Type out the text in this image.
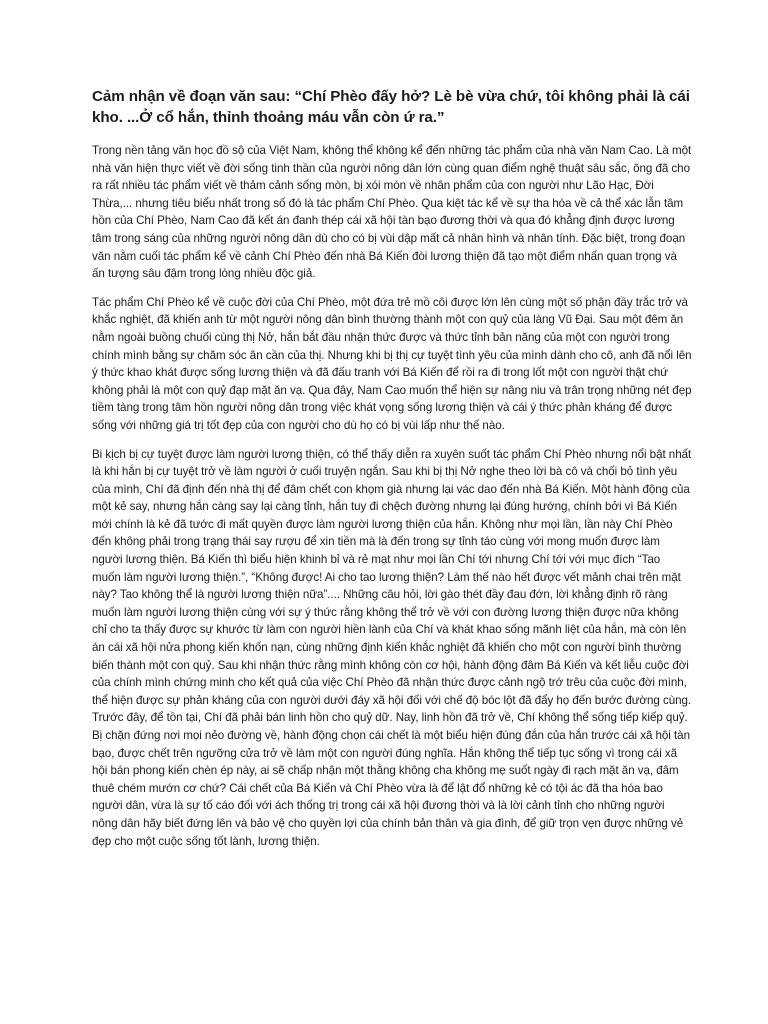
Cảm nhận về đoạn văn sau: “Chí Phèo đấy hở? Lè bè vừa chứ, tôi không phải là cái kho. ...Ở cổ hắn, thỉnh thoảng máu vẫn còn ứ ra.”

Trong nền tảng văn học đồ sộ của Việt Nam, không thể không kể đến những tác phẩm của nhà văn Nam Cao. Là một nhà văn hiện thực viết về đời sống tinh thần của người nông dân lớn cùng quan điểm nghệ thuật sâu sắc, ông đã cho ra rất nhiều tác phẩm viết về thảm cảnh sống mòn, bị xói mòn về nhân phẩm của con người như Lão Hạc, Đời Thừa,... nhưng tiêu biểu nhất trong số đó là tác phẩm Chí Phèo. Qua kiệt tác kể về sự tha hóa về cả thể xác lẫn tâm hồn của Chí Phèo, Nam Cao đã kết án đanh thép cái xã hội tàn bạo đương thời và qua đó khẳng định được lương tâm trong sáng của những người nông dân dù cho có bị vùi dập mất cả nhân hình và nhân tính. Đặc biệt, trong đoạn văn nằm cuối tác phẩm kể về cảnh Chí Phèo đến nhà Bá Kiến đòi lương thiện đã tạo một điểm nhấn quan trọng và ấn tượng sâu đậm trong lòng nhiều độc giả.

Tác phẩm Chí Phèo kể về cuộc đời của Chí Phèo, một đứa trẻ mồ côi được lớn lên cùng một số phận đầy trắc trở và khắc nghiệt, đã khiến anh từ một người nông dân bình thường thành một con quỷ của làng Vũ Đại. Sau một đêm ăn nằm ngoài buồng chuối cùng thị Nở, hắn bắt đầu nhận thức được và thức tỉnh bản năng của một con người trong chính mình bằng sự chăm sóc ân cần của thị. Nhưng khi bị thị cự tuyệt tình yêu của mình dành cho cô, anh đã nổi lên ý thức khao khát được sống lương thiện và đã đấu tranh với Bá Kiến để rồi ra đi trong lốt một con người thật chứ không phải là một con quỷ đạp mặt ăn vạ. Qua đây, Nam Cao muốn thể hiện sự nâng niu và trân trọng những nét đẹp tiềm tàng trong tâm hồn người nông dân trong việc khát vọng sống lương thiện và cái ý thức phản kháng để được sống với những giá trị tốt đẹp của con người cho dù họ có bị vùi lấp như thế nào.

Bi kịch bị cự tuyệt được làm người lương thiện, có thể thấy diễn ra xuyên suốt tác phẩm Chí Phèo nhưng nổi bật nhất là khi hắn bị cự tuyệt trở về làm người ở cuối truyện ngắn. Sau khi bị thị Nở nghe theo lời bà cô và chối bỏ tình yêu của mình, Chí đã định đến nhà thị để đâm chết con khọm già nhưng lại vác dao đến nhà Bá Kiến. Một hành động của một kẻ say, nhưng hắn càng say lại càng tỉnh, hắn tuy đi chệch đường nhưng lại đúng hướng, chính bởi vì Bá Kiến mới chính là kẻ đã tước đi mất quyền được làm người lương thiện của hắn. Không như mọi lần, lần này Chí Phèo đến không phải trong trạng thái say rượu để xin tiền mà là đến trong sự tỉnh táo cùng với mong muốn được làm người lương thiện. Bá Kiến thì biểu hiện khinh bỉ và rẻ mạt như mọi lần Chí tới nhưng Chí tới với mục đích “Tao muốn làm người lương thiện.”, “Không được! Ai cho tao lương thiện? Làm thế nào hết được vết mảnh chai trên mặt này? Tao không thể là người lương thiện nữa”.... Những câu hỏi, lời gào thét đầy đau đớn, lời khẳng định rõ ràng muốn làm người lương thiện cùng với sự ý thức rằng không thể trở về với con đường lương thiện được nữa không chỉ cho ta thấy được sự khước từ làm con người hiền lành của Chí và khát khao sống mãnh liệt của hắn, mà còn lên án cái xã hội nửa phong kiến khốn nạn, cùng những định kiến khắc nghiệt đã khiến cho một con người bình thường biến thành một con quỷ. Sau khi nhận thức rằng mình không còn cơ hội, hành động đâm Bá Kiến và kết liễu cuộc đời của chính mình chứng minh cho kết quả của việc Chí Phèo đã nhận thức được cảnh ngộ trớ trêu của cuộc đời mình, thể hiện được sự phản kháng của con người dưới đáy xã hội đối với chế độ bóc lột đã đẩy họ đến bước đường cùng. Trước đây, để tồn tại, Chí đã phải bán linh hồn cho quỷ dữ. Nay, linh hồn đã trở về, Chí không thể sống tiếp kiếp quỷ. Bị chặn đứng nơi mọi nẻo đường về, hành động chọn cái chết là một biểu hiện đúng đắn của hắn trước cái xã hội tàn bạo, được chết trên ngưỡng cửa trở về làm một con người đúng nghĩa. Hắn không thể tiếp tục sống vì trong cái xã hội bán phong kiến chèn ép này, ai sẽ chấp nhận một thằng không cha không mẹ suốt ngày đi rạch mặt ăn vạ, đâm thuê chém mướn cơ chứ? Cái chết của Bá Kiến và Chí Phèo vừa là để lật đổ những kẻ có tội ác đã tha hóa bao người dân, vừa là sự tố cáo đối với ách thống trị trong cái xã hội đương thời và là lời cảnh tỉnh cho những người nông dân hãy biết đứng lên và bảo vệ cho quyền lợi của chính bản thân và gia đình, để giữ trọn vẹn được những vẻ đẹp cho một cuộc sống tốt lành, lương thiện.
